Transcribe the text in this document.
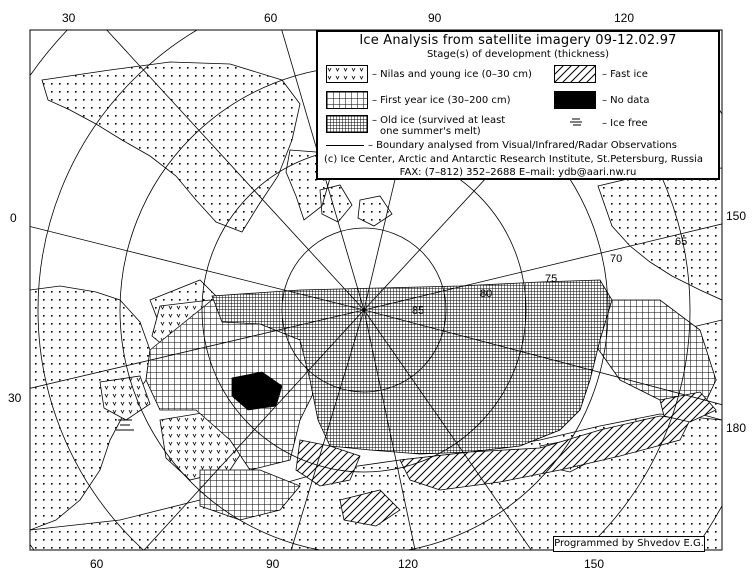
85
80
75
70
65
30	60	90	120
60	90	120	150
0
30
150
180
Ice Analysis from satellite imagery 09-12.02.97
Stage(s) of development (thickness)
– Nilas and young ice (0–30 cm)	– Fast ice
– First year ice (30–200 cm)	– No data
– Old ice (survived at least
one summer's melt)
– Ice free
– Boundary analysed from Visual/Infrared/Radar Observations
(c) Ice Center, Arctic and Antarctic Research Institute, St.Petersburg, Russia
FAX: (7–812) 352–2688 E–mail: ydb@aari.nw.ru
Programmed by Shvedov E.G.
